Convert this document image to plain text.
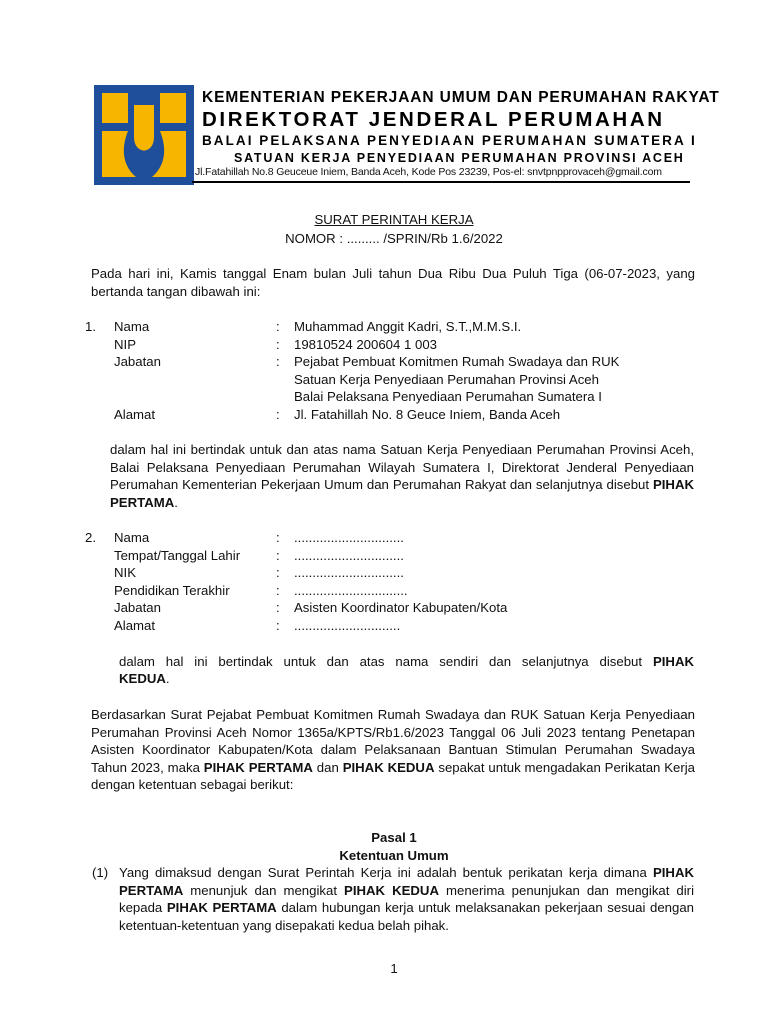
KEMENTERIAN PEKERJAAN UMUM DAN PERUMAHAN RAKYAT
DIREKTORAT JENDERAL PERUMAHAN
BALAI PELAKSANA PENYEDIAAN PERUMAHAN SUMATERA I
SATUAN KERJA PENYEDIAAN PERUMAHAN PROVINSI ACEH
Jl.Fatahillah No.8 Geuceue Iniem, Banda Aceh, Kode Pos 23239, Pos-el: snvtpnpprovaceh@gmail.com
SURAT PERINTAH KERJA
NOMOR : ......... /SPRIN/Rb 1.6/2022
Pada hari ini, Kamis tanggal Enam bulan Juli tahun Dua Ribu Dua Puluh Tiga (06-07-2023, yang bertanda tangan dibawah ini:
1. Nama	: Muhammad Anggit Kadri, S.T.,M.M.S.I.
NIP	: 19810524 200604 1 003
Jabatan	: Pejabat Pembuat Komitmen Rumah Swadaya dan RUK
Satuan Kerja Penyediaan Perumahan Provinsi Aceh
Balai Pelaksana Penyediaan Perumahan Sumatera I
Alamat	: Jl. Fatahillah No. 8 Geuce Iniem, Banda Aceh
dalam hal ini bertindak untuk dan atas nama Satuan Kerja Penyediaan Perumahan Provinsi Aceh, Balai Pelaksana Penyediaan Perumahan Wilayah Sumatera I, Direktorat Jenderal Penyediaan Perumahan Kementerian Pekerjaan Umum dan Perumahan Rakyat dan selanjutnya disebut PIHAK PERTAMA.
2. Nama	: ..............................
Tempat/Tanggal Lahir	: ..............................
NIK	: ..............................
Pendidikan Terakhir	: ...............................
Jabatan	: Asisten Koordinator Kabupaten/Kota
Alamat	: .............................
dalam hal ini bertindak untuk dan atas nama sendiri dan selanjutnya disebut PIHAK
KEDUA.
Berdasarkan Surat Pejabat Pembuat Komitmen Rumah Swadaya dan RUK Satuan Kerja Penyediaan Perumahan Provinsi Aceh Nomor 1365a/KPTS/Rb1.6/2023 Tanggal 06 Juli 2023 tentang Penetapan Asisten Koordinator Kabupaten/Kota dalam Pelaksanaan Bantuan Stimulan Perumahan Swadaya Tahun 2023, maka PIHAK PERTAMA dan PIHAK KEDUA sepakat untuk mengadakan Perikatan Kerja dengan ketentuan sebagai berikut:
Pasal 1
Ketentuan Umum
(1) Yang dimaksud dengan Surat Perintah Kerja ini adalah bentuk perikatan kerja dimana PIHAK PERTAMA menunjuk dan mengikat PIHAK KEDUA menerima penunjukan dan mengikat diri kepada PIHAK PERTAMA dalam hubungan kerja untuk melaksanakan pekerjaan sesuai dengan ketentuan-ketentuan yang disepakati kedua belah pihak.
1
